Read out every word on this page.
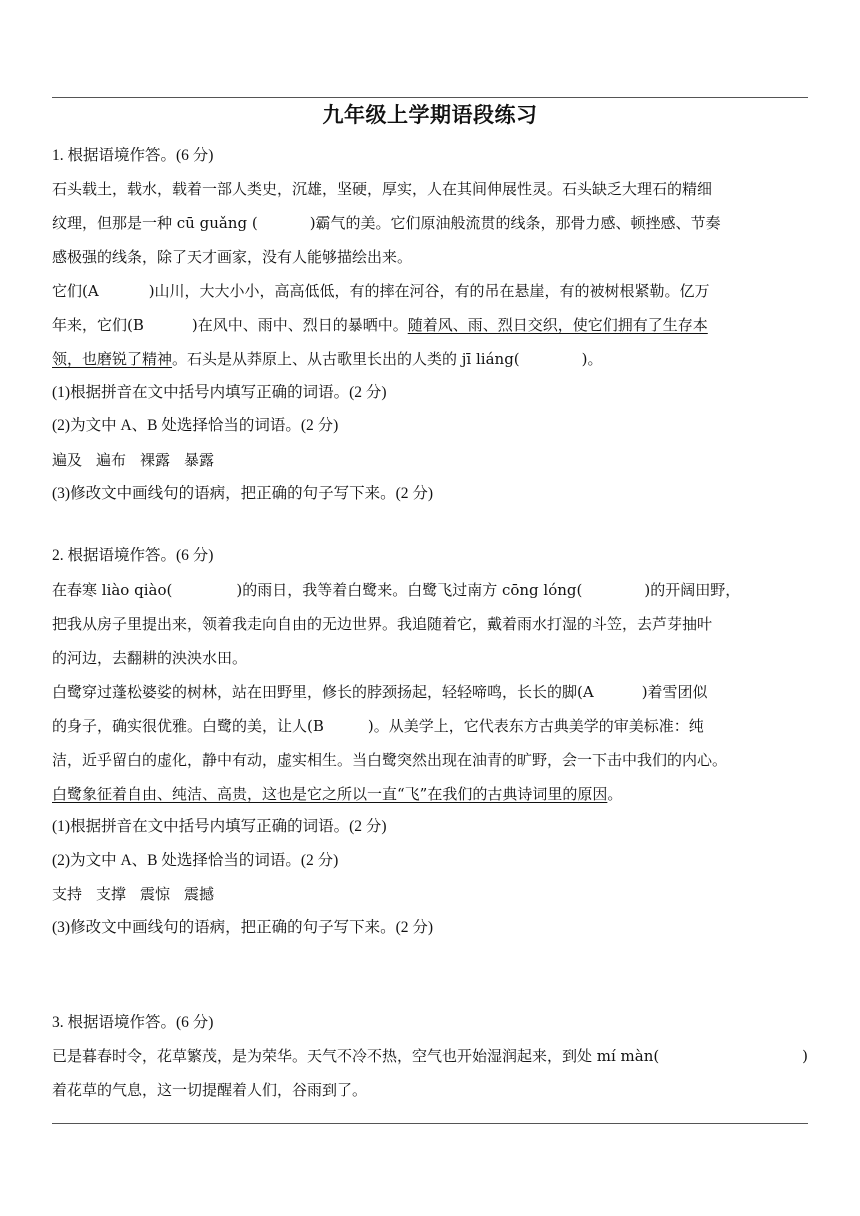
九年级上学期语段练习
1. 根据语境作答。(6 分)
石头载土，载水，载着一部人类史，沉雄，坚硬，厚实，人在其间伸展性灵。石头缺乏大理石的精细
纹理，但那是一种 cū guǎng (	)霸气的美。它们原油般流贯的线条，那骨力感、顿挫感、节奏
感极强的线条，除了天才画家，没有人能够描绘出来。
它们(A	)山川，大大小小，高高低低，有的摔在河谷，有的吊在悬崖，有的被树根紧勒。亿万
年来，它们(B	)在风中、雨中、烈日的暴晒中。随着风、雨、烈日交织，使它们拥有了生存本
领，也磨锐了精神。石头是从莽原上、从古歌里长出的人类的 jī liáng(	)。
(1)根据拼音在文中括号内填写正确的词语。(2 分)
(2)为文中 A、B 处选择恰当的词语。(2 分)
遍及 遍布 裸露 暴露
(3)修改文中画线句的语病，把正确的句子写下来。(2 分)
2. 根据语境作答。(6 分)
在春寒 liào qiào(	)的雨日，我等着白鹭来。白鹭飞过南方 cōng lóng(	)的开阔田野，
把我从房子里提出来，领着我走向自由的无边世界。我追随着它，戴着雨水打湿的斗笠，去芦芽抽叶
的河边，去翻耕的泱泱水田。
白鹭穿过蓬松婆娑的树林，站在田野里，修长的脖颈扬起，轻轻啼鸣，长长的脚(A	)着雪团似
的身子，确实很优雅。白鹭的美，让人(B	)。从美学上，它代表东方古典美学的审美标准：纯
洁，近乎留白的虚化，静中有动，虚实相生。当白鹭突然出现在油青的旷野，会一下击中我们的内心。
白鹭象征着自由、纯洁、高贵，这也是它之所以一直“飞”在我们的古典诗词里的原因。
(1)根据拼音在文中括号内填写正确的词语。(2 分)
(2)为文中 A、B 处选择恰当的词语。(2 分)
支持 支撑 震惊 震撼
(3)修改文中画线句的语病，把正确的句子写下来。(2 分)
3. 根据语境作答。(6 分)
已是暮春时令，花草繁茂，是为荣华。天气不冷不热，空气也开始湿润起来，到处 mí màn(	)
着花草的气息，这一切提醒着人们，谷雨到了。
